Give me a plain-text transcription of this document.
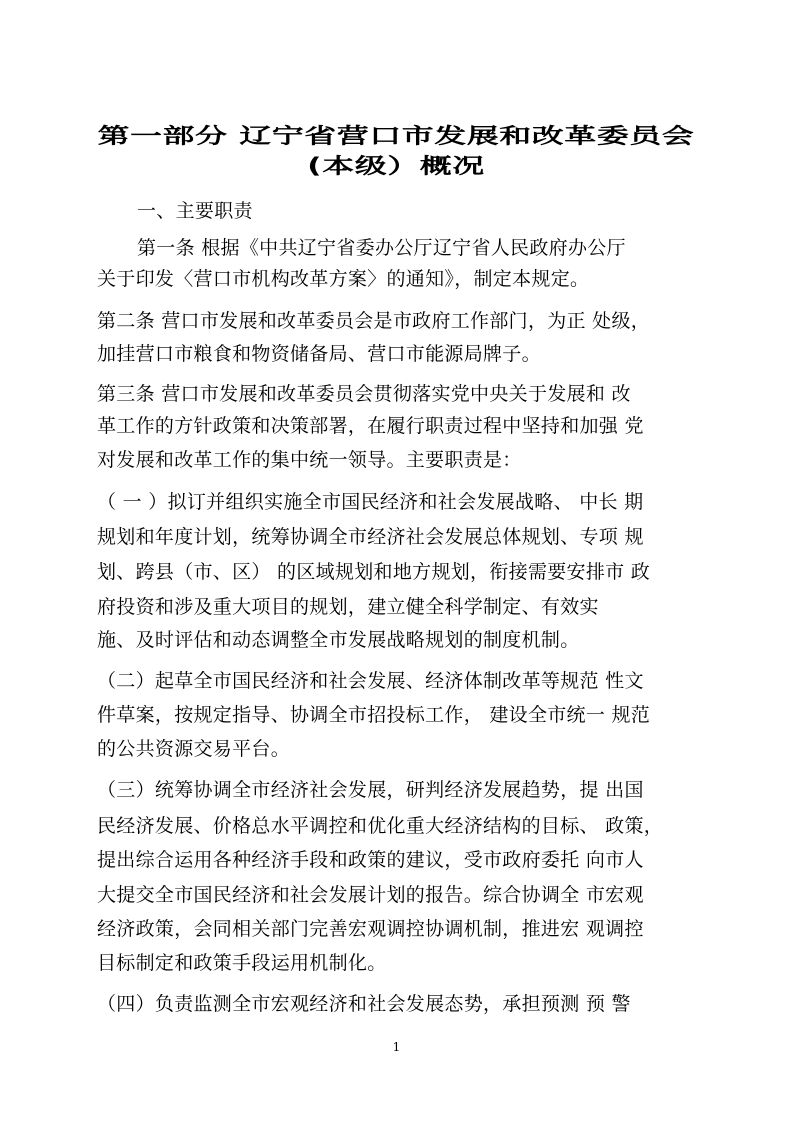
第一部分 辽宁省营口市发展和改革委员会(本级）概况
一、主要职责
第一条 根据《中共辽宁省委办公厅辽宁省人民政府办公厅
关于印发〈营口市机构改革方案〉的通知》，制定本规定。
第二条 营口市发展和改革委员会是市政府工作部门，为正 处级，
加挂营口市粮食和物资储备局、营口市能源局牌子。
第三条 营口市发展和改革委员会贯彻落实党中央关于发展和 改
革工作的方针政策和决策部署，在履行职责过程中坚持和加强 党
对发展和改革工作的集中统一领导。主要职责是：
（ 一 ）拟订并组织实施全市国民经济和社会发展战略、 中长 期
规划和年度计划，统筹协调全市经济社会发展总体规划、专项 规
划、跨县（市、区） 的区域规划和地方规划，衔接需要安排市 政
府投资和涉及重大项目的规划，建立健全科学制定、有效实
施、及时评估和动态调整全市发展战略规划的制度机制。
（二）起草全市国民经济和社会发展、经济体制改革等规范 性文
件草案，按规定指导、协调全市招投标工作， 建设全市统一 规范
的公共资源交易平台。
（三）统筹协调全市经济社会发展，研判经济发展趋势，提 出国
民经济发展、价格总水平调控和优化重大经济结构的目标、 政策，
提出综合运用各种经济手段和政策的建议，受市政府委托 向市人
大提交全市国民经济和社会发展计划的报告。综合协调全 市宏观
经济政策，会同相关部门完善宏观调控协调机制，推进宏 观调控
目标制定和政策手段运用机制化。
（四）负责监测全市宏观经济和社会发展态势，承担预测 预 警
1
